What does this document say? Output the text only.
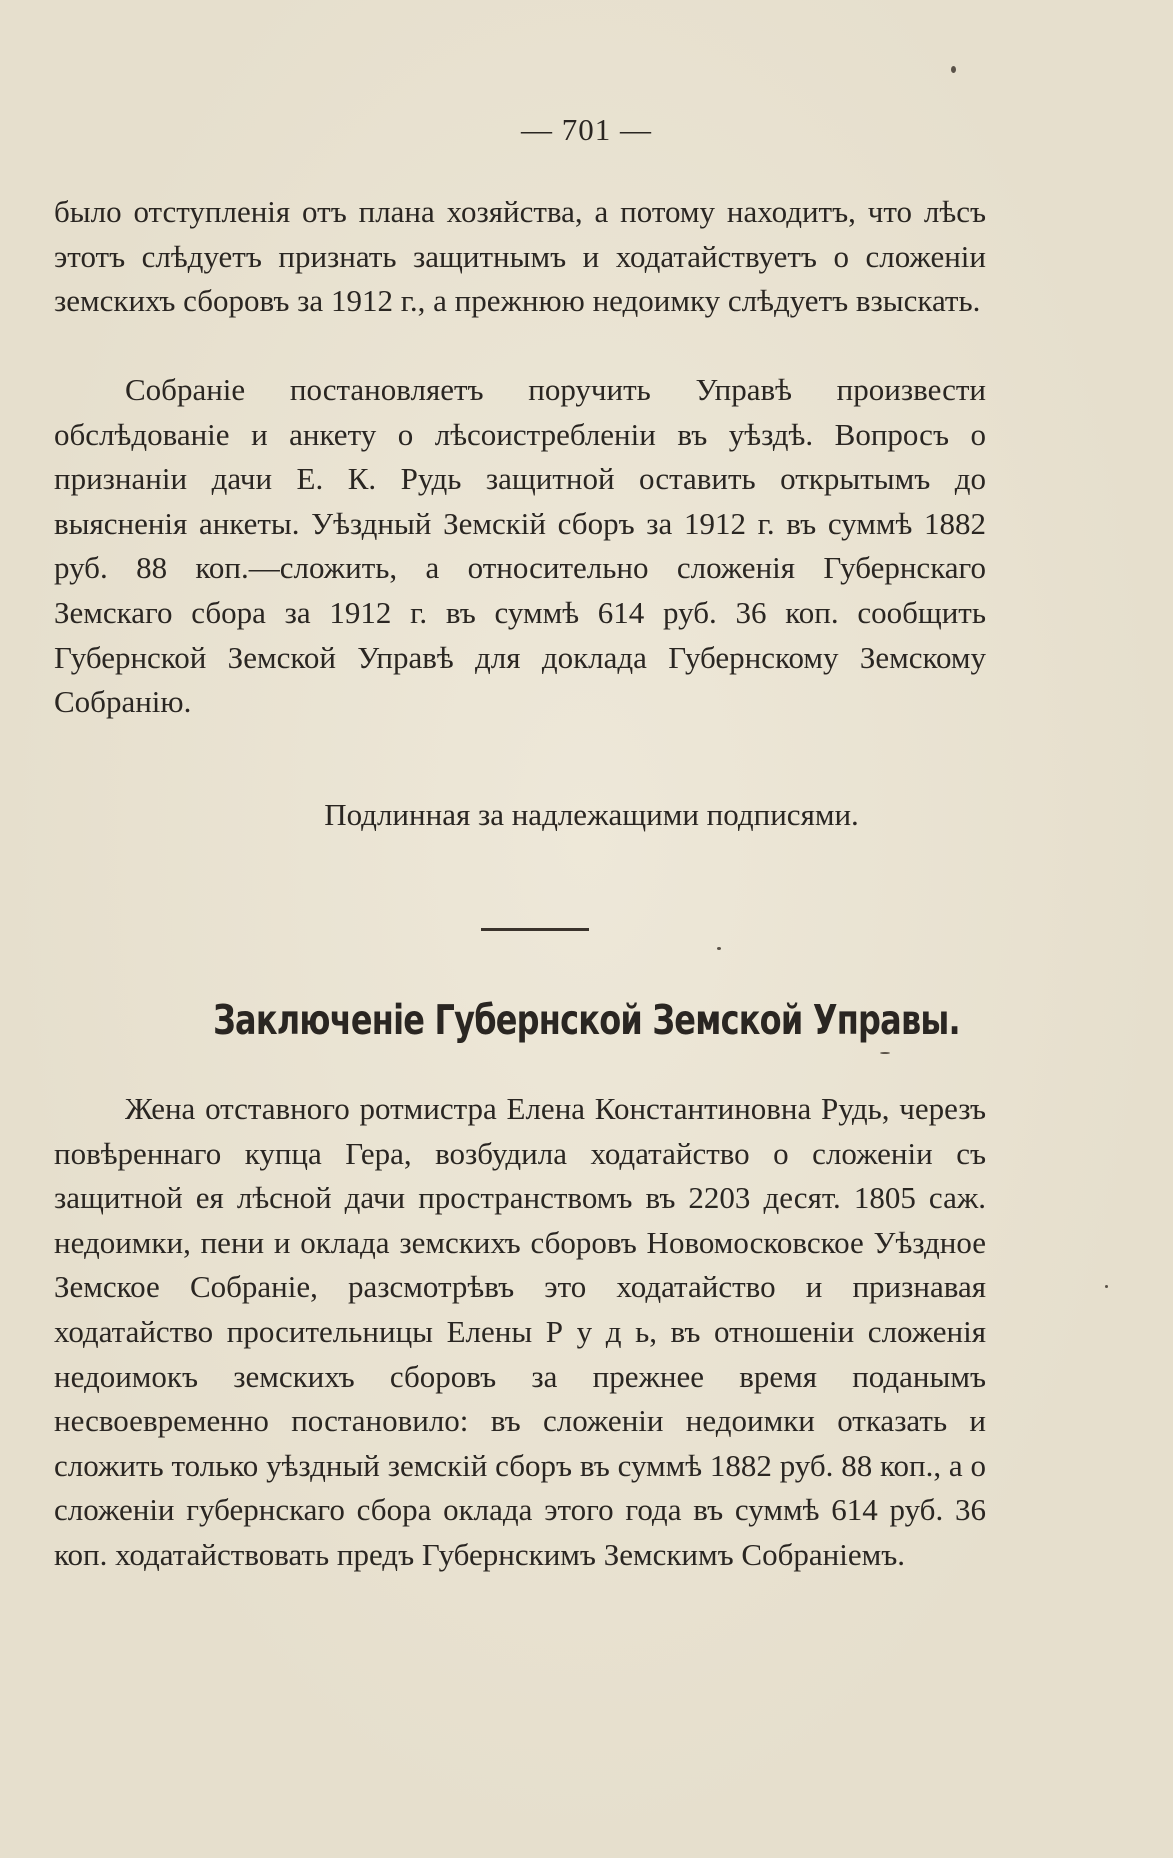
— 701 —

было отступленія отъ плана хозяйства, а потому находитъ, что лѣсъ этотъ слѣдуетъ признать защитнымъ и ходатайствуетъ о сложеніи земскихъ сборовъ за 1912 г., а прежнюю недоимку слѣдуетъ взыскать.

Собраніе постановляетъ поручить Управѣ произвести обслѣдованіе и анкету о лѣсоистребленіи въ уѣздѣ. Вопросъ о признаніи дачи Е. К. Рудь защитной оставить открытымъ до выясненія анкеты. Уѣздный Земскій сборъ за 1912 г. въ суммѣ 1882 руб. 88 коп.—сложить, а относительно сложенія Губернскаго Земскаго сбора за 1912 г. въ суммѣ 614 руб. 36 коп. сообщить Губернской Земской Управѣ для доклада Губернскому Земскому Собранію.

Подлинная за надлежащими подписями.
Заключеніе Губернской Земской Управы.

Жена отставного ротмистра Елена Константиновна Рудь, черезъ повѣреннаго купца Гера, возбудила ходатайство о сложеніи съ защитной ея лѣсной дачи пространствомъ въ 2203 десят. 1805 саж. недоимки, пени и оклада земскихъ сборовъ Новомосковское Уѣздное Земское Собраніе, разсмотрѣвъ это ходатайство и признавая ходатайство просительницы Елены Р у д ь, въ отношеніи сложенія недоимокъ земскихъ сборовъ за прежнее время поданымъ несвоевременно постановило: въ сложеніи недоимки отказать и сложить только уѣздный земскій сборъ въ суммѣ 1882 руб. 88 коп., а о сложеніи губернскаго сбора оклада этого года въ суммѣ 614 руб. 36 коп. ходатайствовать предъ Губернскимъ Земскимъ Собраніемъ.
